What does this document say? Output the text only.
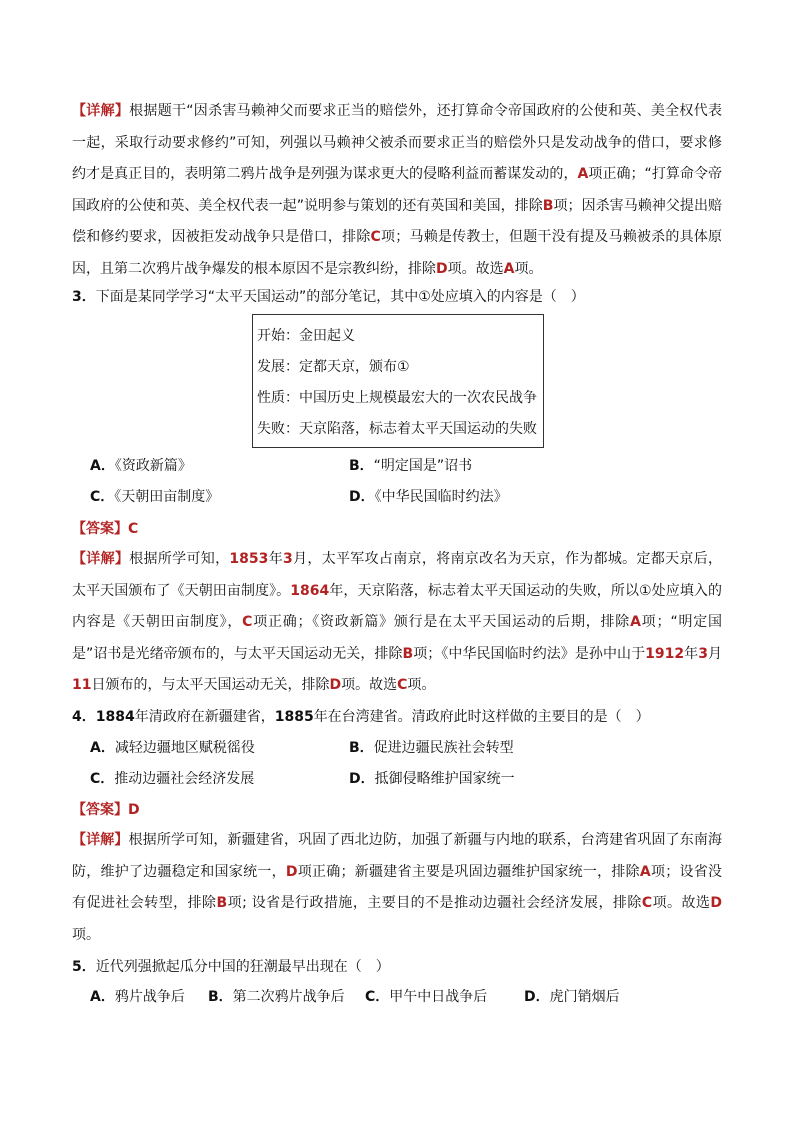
【详解】根据题干“因杀害马赖神父而要求正当的赔偿外，还打算命令帝国政府的公使和英、美全权代表一起，采取行动要求修约”可知，列强以马赖神父被杀而要求正当的赔偿外只是发动战争的借口，要求修约才是真正目的，表明第二鸦片战争是列强为谋求更大的侵略利益而蓄谋发动的，A项正确；“打算命令帝国政府的公使和英、美全权代表一起”说明参与策划的还有英国和美国，排除B项；因杀害马赖神父提出赔偿和修约要求，因被拒发动战争只是借口，排除C项；马赖是传教士，但题干没有提及马赖被杀的具体原因，且第二次鸦片战争爆发的根本原因不是宗教纠纷，排除D项。故选A项。

3．下面是某同学学习“太平天国运动”的部分笔记，其中①处应填入的内容是（　）

开始：金田起义
发展：定都天京，颁布①
性质：中国历史上规模最宏大的一次农民战争
失败：天京陷落，标志着太平天国运动的失败
A．《资政新篇》	B．“明定国是”诏书
C．《天朝田亩制度》	D．《中华民国临时约法》

【答案】C

【详解】根据所学可知，1853年3月，太平军攻占南京，将南京改名为天京，作为都城。定都天京后，太平天国颁布了《天朝田亩制度》。1864年，天京陷落，标志着太平天国运动的失败，所以①处应填入的内容是《天朝田亩制度》，C项正确；《资政新篇》颁行是在太平天国运动的后期，排除A项；“明定国是”诏书是光绪帝颁布的，与太平天国运动无关，排除B项；《中华民国临时约法》是孙中山于1912年3月11日颁布的，与太平天国运动无关，排除D项。故选C项。

4．1884年清政府在新疆建省，1885年在台湾建省。清政府此时这样做的主要目的是（　）

A．减轻边疆地区赋税徭役	B．促进边疆民族社会转型
C．推动边疆社会经济发展	D．抵御侵略维护国家统一

【答案】D

【详解】根据所学可知，新疆建省，巩固了西北边防，加强了新疆与内地的联系，台湾建省巩固了东南海防，维护了边疆稳定和国家统一，D项正确；新疆建省主要是巩固边疆维护国家统一，排除A项；设省没有促进社会转型，排除B项; 设省是行政措施，主要目的不是推动边疆社会经济发展，排除C项。故选D项。

5．近代列强掀起瓜分中国的狂潮最早出现在（　）

A．鸦片战争后 B．第二次鸦片战争后 C．甲午中日战争后	D．虎门销烟后
